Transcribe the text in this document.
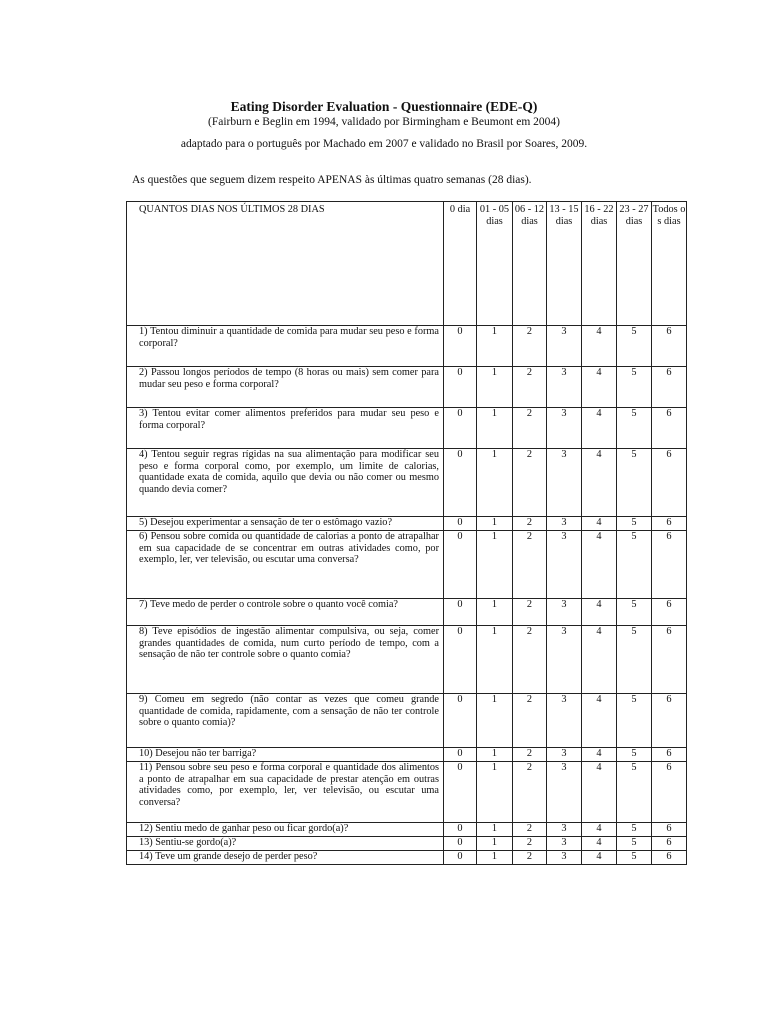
Eating Disorder Evaluation - Questionnaire (EDE-Q)
(Fairburn e Beglin em 1994, validado por Birmingham e Beumont em 2004)
adaptado para o português por Machado em 2007 e validado no Brasil por Soares, 2009.
As questões que seguem dizem respeito APENAS às últimas quatro semanas (28 dias).
QUANTOS DIAS NOS ÚLTIMOS 28 DIAS	0 dia	01 - 05 dias	06 - 12 dias	13 - 15 dias	16 - 22 dias	23 - 27 dias	Todos os dias
1) Tentou diminuir a quantidade de comida para mudar seu peso e forma corporal?	0	1	2	3	4	5	6
2) Passou longos períodos de tempo (8 horas ou mais) sem comer para mudar seu peso e forma corporal?	0	1	2	3	4	5	6
3) Tentou evitar comer alimentos preferidos para mudar seu peso e forma corporal?	0	1	2	3	4	5	6
4) Tentou seguir regras rígidas na sua alimentação para modificar seu peso e forma corporal como, por exemplo, um limite de calorias, quantidade exata de comida, aquilo que devia ou não comer ou mesmo quando devia comer?	0	1	2	3	4	5	6
5) Desejou experimentar a sensação de ter o estômago vazio?	0	1	2	3	4	5	6
6) Pensou sobre comida ou quantidade de calorias a ponto de atrapalhar em sua capacidade de se concentrar em outras atividades como, por exemplo, ler, ver televisão, ou escutar uma conversa?	0	1	2	3	4	5	6
7) Teve medo de perder o controle sobre o quanto você comia?	0	1	2	3	4	5	6
8) Teve episódios de ingestão alimentar compulsiva, ou seja, comer grandes quantidades de comida, num curto período de tempo, com a sensação de não ter controle sobre o quanto comia?	0	1	2	3	4	5	6
9) Comeu em segredo (não contar as vezes que comeu grande quantidade de comida, rapidamente, com a sensação de não ter controle sobre o quanto comia)?	0	1	2	3	4	5	6
10) Desejou não ter barriga?	0	1	2	3	4	5	6
11) Pensou sobre seu peso e forma corporal e quantidade dos alimentos a ponto de atrapalhar em sua capacidade de prestar atenção em outras atividades como, por exemplo, ler, ver televisão, ou escutar uma conversa?	0	1	2	3	4	5	6
12) Sentiu medo de ganhar peso ou ficar gordo(a)?	0	1	2	3	4	5	6
13) Sentiu-se gordo(a)?	0	1	2	3	4	5	6
14) Teve um grande desejo de perder peso?	0	1	2	3	4	5	6
